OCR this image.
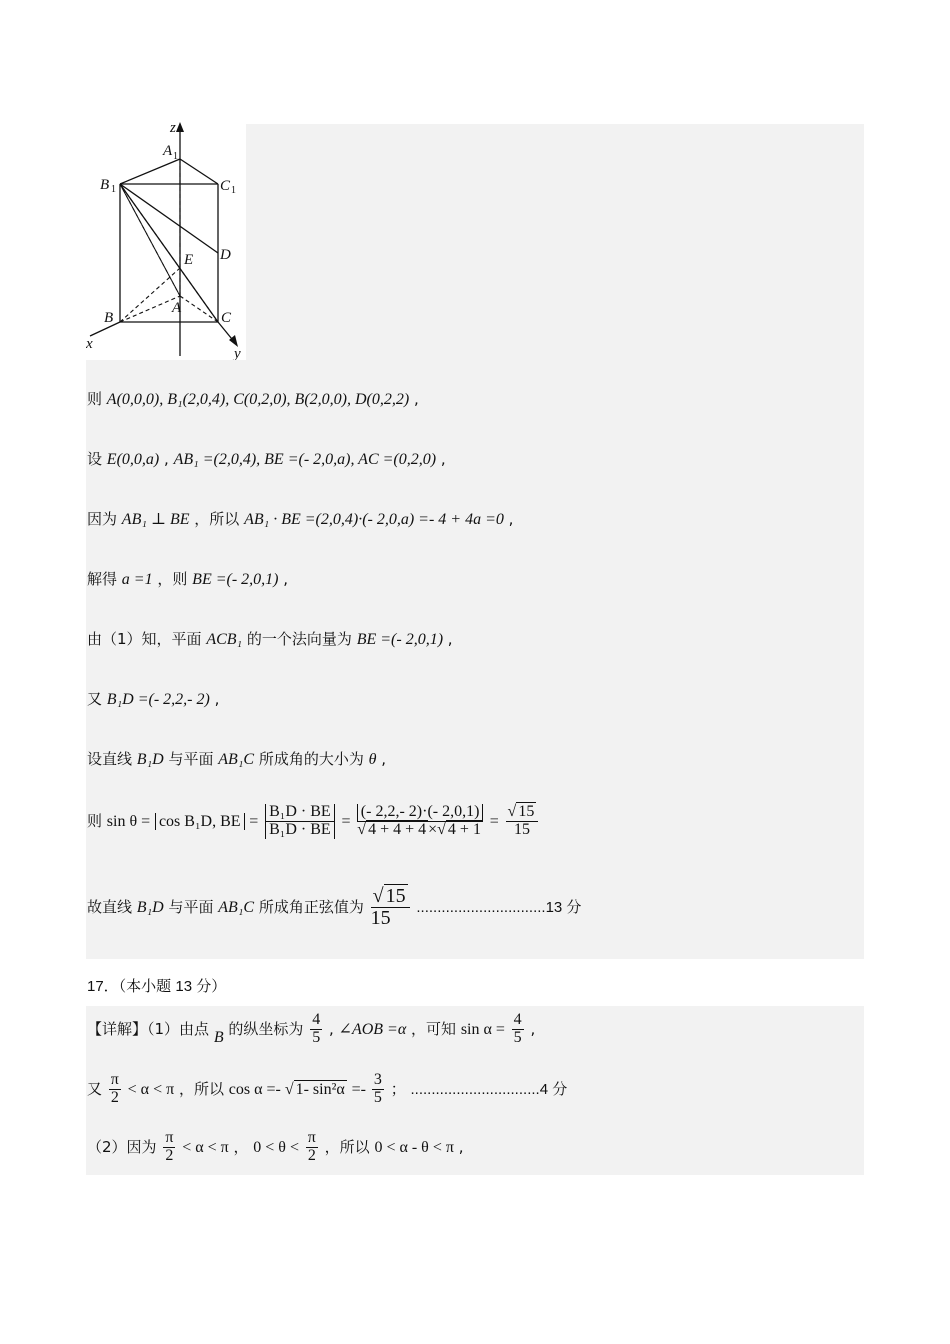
z
A 1
B 1	C 1
D
E
A
B	C
x
y
则 A(0,0,0), B₁(2,0,4), C(0,2,0), B(2,0,0), D(0,2,2) ,
设 E(0,0,a) , AB₁ =(2,0,4), BE =(- 2,0,a), AC =(0,2,0) ,
因为 AB₁ ⊥ BE ，所以 AB₁ · BE =(2,0,4)·(- 2,0,a) =- 4 + 4a =0 ,
解得 a =1 ，则 BE =(- 2,0,1) ,
由（1）知，平面 ACB₁ 的一个法向量为 BE =(- 2,0,1) ,
又 B₁D =(- 2,2,- 2) ,
设直线 B₁D 与平面 AB₁C 所成角的大小为 θ ,
则 sin θ = cos B₁D, BE = $\frac{\text{B₁D · BE}}{\text{B₁D · BE}} = \frac{(- 2,2,- 2)\cdot(- 2,0,1)}{√ 4 + 4 + 4 \times√ 4 + 1} = \frac{√ 15}{15}$
故直线 B₁D 与平面 AB₁C 所成角正弦值为 $\frac{√ 15}{15} ...............................13$ 分
17．（本小题 13 分）
【详解】（1）由点 B 的纵坐标为 $\frac{4}{5}$ , ∠AOB =α ，可知 $\sin \alpha = \frac{4}{5}$ ,
又 $\frac{\pi}{2} < \alpha < \pi$ ，所以 cos α =- √ 1- $\sin^2\alpha =- \frac{3}{5}$ ； ...............................4 分
（2）因为 $\frac{\pi}{2} < \alpha < \pi$ ， $0 < \theta < \frac{\pi}{2}$ ，所以 0 < α - θ < π ,
